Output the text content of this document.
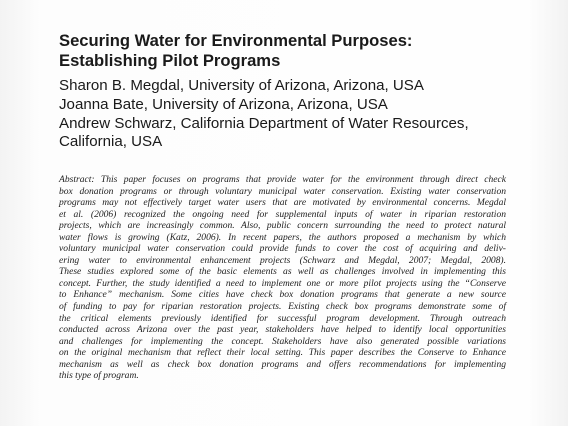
Securing Water for Environmental Purposes:
Establishing Pilot Programs
Sharon B. Megdal, University of Arizona, Arizona, USA
Joanna Bate, University of Arizona, Arizona, USA
Andrew Schwarz, California Department of Water Resources,
California, USA
Abstract: This paper focuses on programs that provide water for the environment through direct check
box donation programs or through voluntary municipal water conservation. Existing water conservation
programs may not effectively target water users that are motivated by environmental concerns. Megdal
et al. (2006) recognized the ongoing need for supplemental inputs of water in riparian restoration
projects, which are increasingly common. Also, public concern surrounding the need to protect natural
water flows is growing (Katz, 2006). In recent papers, the authors proposed a mechanism by which
voluntary municipal water conservation could provide funds to cover the cost of acquiring and deliv-
ering water to environmental enhancement projects (Schwarz and Megdal, 2007; Megdal, 2008).
These studies explored some of the basic elements as well as challenges involved in implementing this
concept. Further, the study identified a need to implement one or more pilot projects using the “Conserve
to Enhance” mechanism. Some cities have check box donation programs that generate a new source
of funding to pay for riparian restoration projects. Existing check box programs demonstrate some of
the critical elements previously identified for successful program development. Through outreach
conducted across Arizona over the past year, stakeholders have helped to identify local opportunities
and challenges for implementing the concept. Stakeholders have also generated possible variations
on the original mechanism that reflect their local setting. This paper describes the Conserve to Enhance
mechanism as well as check box donation programs and offers recommendations for implementing
this type of program.
